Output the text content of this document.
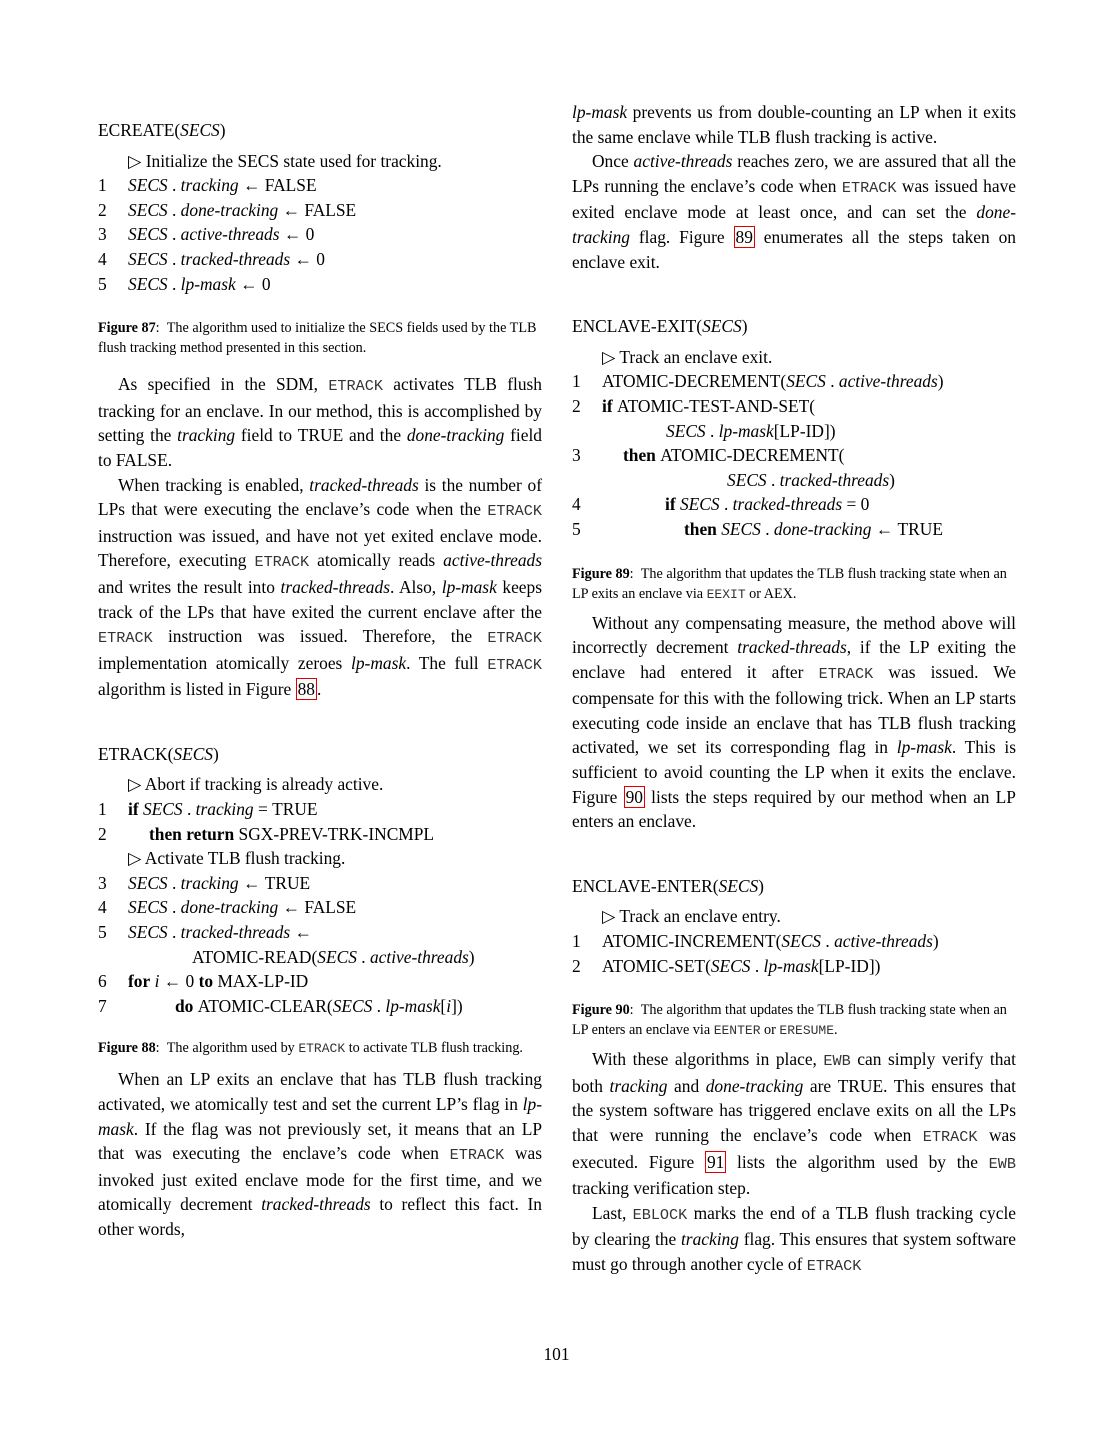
ECREATE(SECS)
▷ Initialize the SECS state used for tracking.
1 SECS . tracking ← FALSE
2 SECS . done-tracking ← FALSE
3 SECS . active-threads ← 0
4 SECS . tracked-threads ← 0
5 SECS . lp-mask ← 0

Figure 87:  The algorithm used to initialize the SECS fields used by the TLB flush tracking method presented in this section.

As specified in the SDM, ETRACK activates TLB flush tracking for an enclave. In our method, this is accomplished by setting the tracking field to TRUE and the done-tracking field to FALSE.

When tracking is enabled, tracked-threads is the number of LPs that were executing the enclave’s code when the ETRACK instruction was issued, and have not yet exited enclave mode. Therefore, executing ETRACK atomically reads active-threads and writes the result into tracked-threads. Also, lp-mask keeps track of the LPs that have exited the current enclave after the ETRACK instruction was issued. Therefore, the ETRACK implementation atomically zeroes lp-mask. The full ETRACK algorithm is listed in Figure 88 .

ETRACK(SECS)
▷ Abort if tracking is already active.
1 if SECS . tracking = TRUE
2 then return SGX-PREV-TRK-INCMPL
▷ Activate TLB flush tracking.
3 SECS . tracking ← TRUE
4 SECS . done-tracking ← FALSE
5 SECS . tracked-threads ←
ATOMIC-READ(SECS . active-threads)
6 for i ← 0 to MAX-LP-ID
7	do ATOMIC-CLEAR(SECS . lp-mask[i])

Figure 88:  The algorithm used by ETRACK to activate TLB flush tracking.

When an LP exits an enclave that has TLB flush tracking activated, we atomically test and set the current LP’s flag in lp-mask. If the flag was not previously set, it means that an LP that was executing the enclave’s code when ETRACK was invoked just exited enclave mode for the first time, and we atomically decrement tracked-threads to reflect this fact. In other words,

lp-mask prevents us from double-counting an LP when it exits the same enclave while TLB flush tracking is active.

Once active-threads reaches zero, we are assured that all the LPs running the enclave’s code when ETRACK was issued have exited enclave mode at least once, and can set the done-tracking flag. Figure 89 enumerates all the steps taken on enclave exit.

ENCLAVE-EXIT(SECS)
▷ Track an enclave exit.
1 ATOMIC-DECREMENT(SECS . active-threads)
2 if ATOMIC-TEST-AND-SET(
SECS . lp-mask[LP-ID])
3 then ATOMIC-DECREMENT(
SECS . tracked-threads)
4	if SECS . tracked-threads = 0
5	then SECS . done-tracking ← TRUE

Figure 89:  The algorithm that updates the TLB flush tracking state when an LP exits an enclave via EEXIT or AEX.

Without any compensating measure, the method above will incorrectly decrement tracked-threads, if the LP exiting the enclave had entered it after ETRACK was issued. We compensate for this with the following trick. When an LP starts executing code inside an enclave that has TLB flush tracking activated, we set its corresponding flag in lp-mask. This is sufficient to avoid counting the LP when it exits the enclave. Figure 90 lists the steps required by our method when an LP enters an enclave.

ENCLAVE-ENTER(SECS)
▷ Track an enclave entry.
1 ATOMIC-INCREMENT(SECS . active-threads)
2 ATOMIC-SET(SECS . lp-mask[LP-ID])

Figure 90:  The algorithm that updates the TLB flush tracking state when an LP enters an enclave via EENTER or ERESUME.

With these algorithms in place, EWB can simply verify that both tracking and done-tracking are TRUE. This ensures that the system software has triggered enclave exits on all the LPs that were running the enclave’s code when ETRACK was executed. Figure 91 lists the algorithm used by the EWB tracking verification step.

Last, EBLOCK marks the end of a TLB flush tracking cycle by clearing the tracking flag. This ensures that system software must go through another cycle of ETRACK

101
